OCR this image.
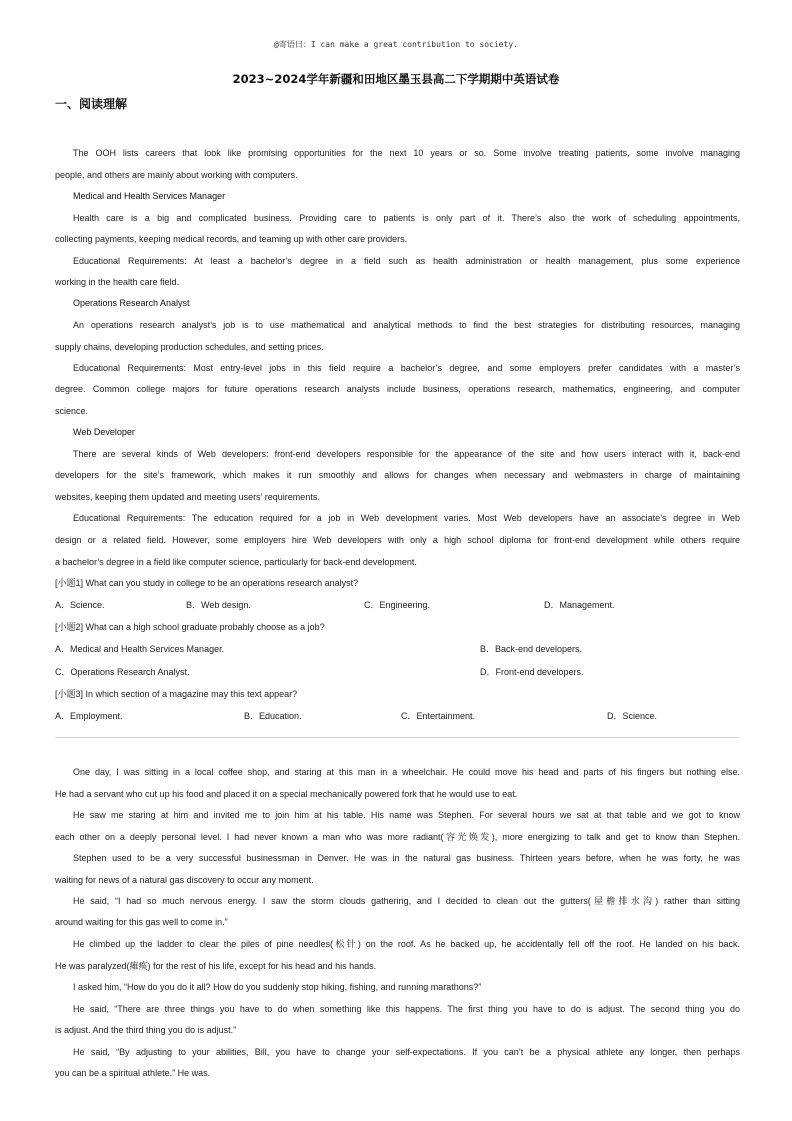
@寄语曰：I can make a great contribution to society.
2023~2024学年新疆和田地区墨玉县高二下学期期中英语试卷
一、阅读理解
The OOH lists careers that look like promising opportunities for the next 10 years or so. Some involve treating patients, some involve managing
people, and others are mainly about working with computers.
Medical and Health Services Manager
Health care is a big and complicated business. Providing care to patients is only part of it. There’s also the work of scheduling appointments,
collecting payments, keeping medical records, and teaming up with other care providers.
Educational Requirements: At least a bachelor’s degree in a field such as health administration or health management, plus some experience
working in the health care field.
Operations Research Analyst
An operations research analyst’s job is to use mathematical and analytical methods to find the best strategies for distributing resources, managing
supply chains, developing production schedules, and setting prices.
Educational Requirements: Most entry-level jobs in this field require a bachelor’s degree, and some employers prefer candidates with a master’s
degree. Common college majors for future operations research analysts include business, operations research, mathematics, engineering, and computer
science.
Web Developer
There are several kinds of Web developers: front-end developers responsible for the appearance of the site and how users interact with it, back-end
developers for the site’s framework, which makes it run smoothly and allows for changes when necessary and webmasters in charge of maintaining
websites, keeping them updated and meeting users’ requirements.
Educational Requirements: The education required for a job in Web development varies. Most Web developers have an associate’s degree in Web
design or a related field. However, some employers hire Web developers with only a high school diploma for front-end development while others require
a bachelor’s degree in a field like computer science, particularly for back-end development.
[小题1] What can you study in college to be an operations research analyst?
A．Science.	B．Web design.	C．Engineering.	D．Management.
[小题2] What can a high school graduate probably choose as a job?
A．Medical and Health Services Manager.	B．Back-end developers.
C．Operations Research Analyst.	D．Front-end developers.
[小题3] In which section of a magazine may this text appear?
A．Employment.	B．Education.	C．Entertainment.	D．Science.
One day, I was sitting in a local coffee shop, and staring at this man in a wheelchair. He could move his head and parts of his fingers but nothing else.
He had a servant who cut up his food and placed it on a special mechanically powered fork that he would use to eat.
He saw me staring at him and invited me to join him at his table. His name was Stephen. For several hours we sat at that table and we got to know
each other on a deeply personal level. I had never known a man who was more radiant(容光焕发), more energizing to talk and get to know than Stephen.
Stephen used to be a very successful businessman in Denver. He was in the natural gas business. Thirteen years before, when he was forty, he was
waiting for news of a natural gas discovery to occur any moment.
He said, “I had so much nervous energy. I saw the storm clouds gathering, and I decided to clean out the gutters(屋檐排水沟) rather than sitting
around waiting for this gas well to come in.”
He climbed up the ladder to clear the piles of pine needles(松针) on the roof. As he backed up, he accidentally fell off the roof. He landed on his back.
He was paralyzed(瘫痪) for the rest of his life, except for his head and his hands.
I asked him, “How do you do it all? How do you suddenly stop hiking, fishing, and running marathons?”
He said, “There are three things you have to do when something like this happens. The first thing you have to do is adjust. The second thing you do
is adjust. And the third thing you do is adjust.”
He said, “By adjusting to your abilities, Bill, you have to change your self-expectations. If you can’t be a physical athlete any longer, then perhaps
you can be a spiritual athlete.” He was.
